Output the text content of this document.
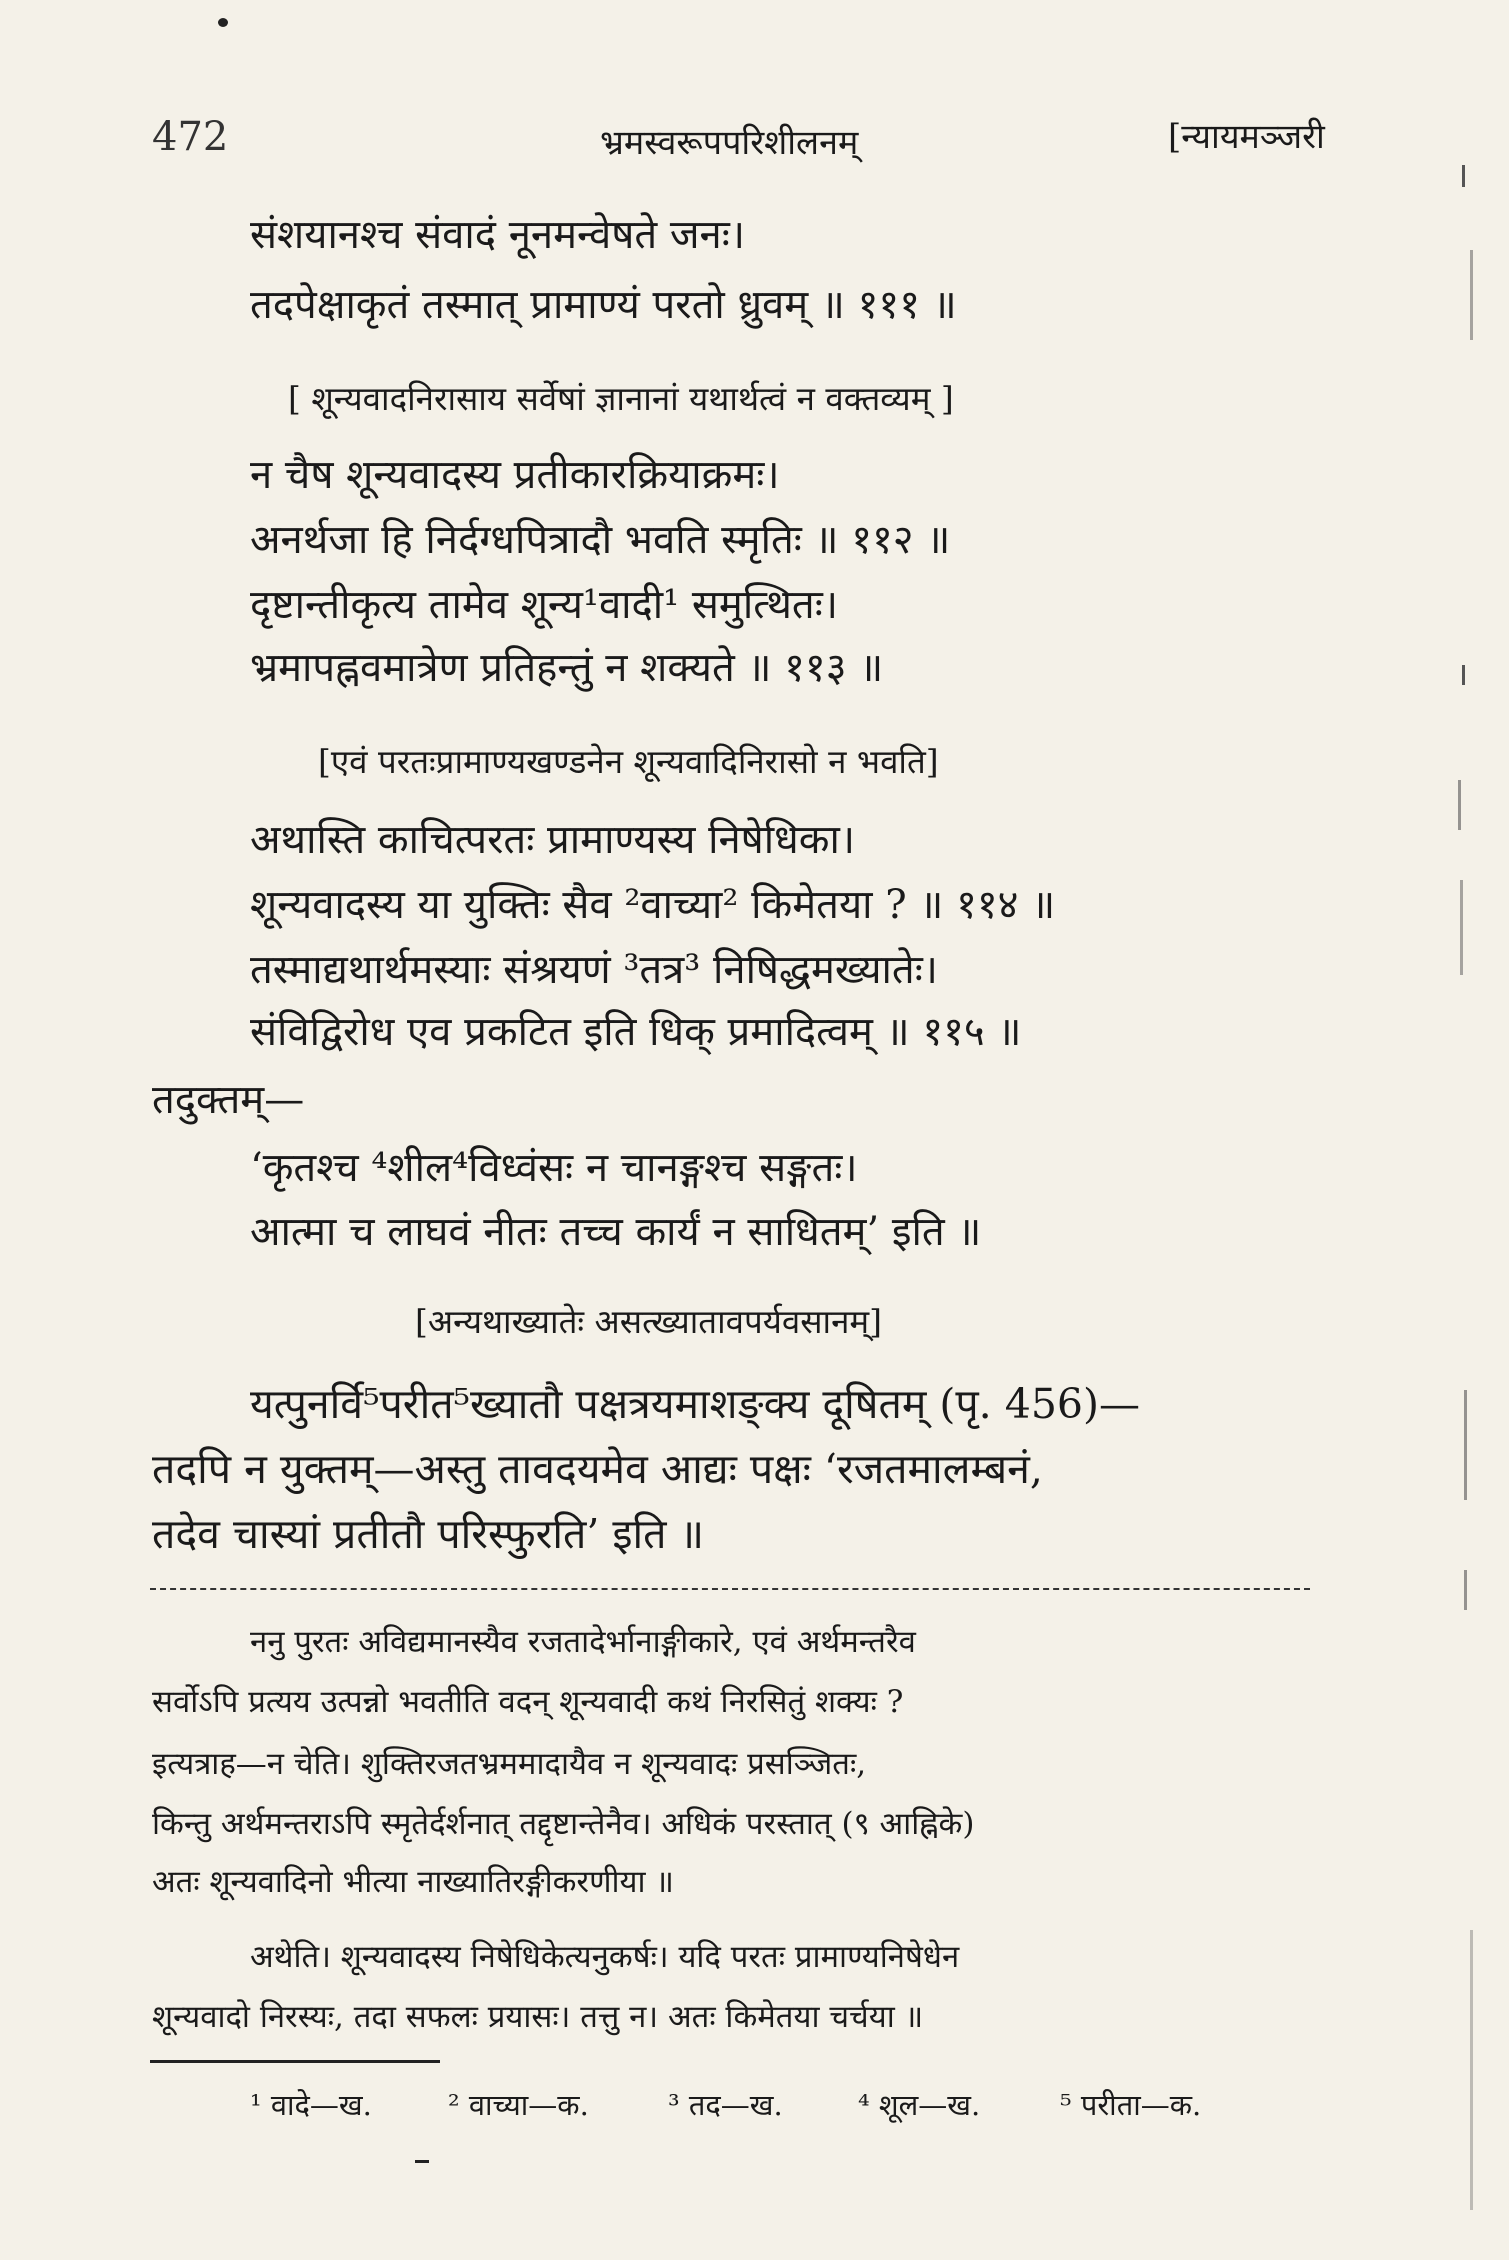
472	भ्रमस्वरूपपरिशीलनम्	[न्यायमञ्जरी
संशयानश्च संवादं नूनमन्वेषते जनः।
तदपेक्षाकृतं तस्मात् प्रामाण्यं परतो ध्रुवम् ॥ १११ ॥
[ शून्यवादनिरासाय सर्वेषां ज्ञानानां यथार्थत्वं न वक्तव्यम् ]
न चैष शून्यवादस्य प्रतीकारक्रियाक्रमः।
अनर्थजा हि निर्दग्धपित्रादौ भवति स्मृतिः ॥ ११२ ॥
दृष्टान्तीकृत्य तामेव शून्य¹वादी¹ समुत्थितः।
भ्रमापह्नवमात्रेण प्रतिहन्तुं न शक्यते ॥ ११३ ॥
[एवं परतःप्रामाण्यखण्डनेन शून्यवादिनिरासो न भवति]
अथास्ति काचित्परतः प्रामाण्यस्य निषेधिका।
शून्यवादस्य या युक्तिः सैव ²वाच्या² किमेतया ? ॥ ११४ ॥
तस्माद्यथार्थमस्याः संश्रयणं ³तत्र³ निषिद्धमख्यातेः।
संविद्विरोध एव प्रकटित इति धिक् प्रमादित्वम् ॥ ११५ ॥
तदुक्तम्—
‘कृतश्च ⁴शील⁴विध्वंसः न चानङ्गश्च सङ्गतः।
आत्मा च लाघवं नीतः तच्च कार्यं न साधितम्’ इति ॥
[अन्यथाख्यातेः असत्ख्यातावपर्यवसानम्]
यत्पुनर्वि⁵परीत⁵ख्यातौ पक्षत्रयमाशङ्क्य दूषितम् (पृ. 456)—
तदपि न युक्तम्—अस्तु तावदयमेव आद्यः पक्षः ‘रजतमालम्बनं,
तदेव चास्यां प्रतीतौ परिस्फुरति’ इति ॥
ननु पुरतः अविद्यमानस्यैव रजतादेर्भानाङ्गीकारे, एवं अर्थमन्तरैव
सर्वोऽपि प्रत्यय उत्पन्नो भवतीति वदन् शून्यवादी कथं निरसितुं शक्यः ?
इत्यत्राह—न चेति। शुक्तिरजतभ्रममादायैव न शून्यवादः प्रसञ्जितः,
किन्तु अर्थमन्तराऽपि स्मृतेर्दर्शनात् तद्दृष्टान्तेनैव। अधिकं परस्तात् (९ आह्निके)
अतः शून्यवादिनो भीत्या नाख्यातिरङ्गीकरणीया ॥
अथेति। शून्यवादस्य निषेधिकेत्यनुकर्षः। यदि परतः प्रामाण्यनिषेधेन
शून्यवादो निरस्यः, तदा सफलः प्रयासः। तत्तु न। अतः किमेतया चर्चया ॥
¹ वादे—ख.	² वाच्या—क.	³ तद—ख.	⁴ शूल—ख.	⁵ परीता—क.
